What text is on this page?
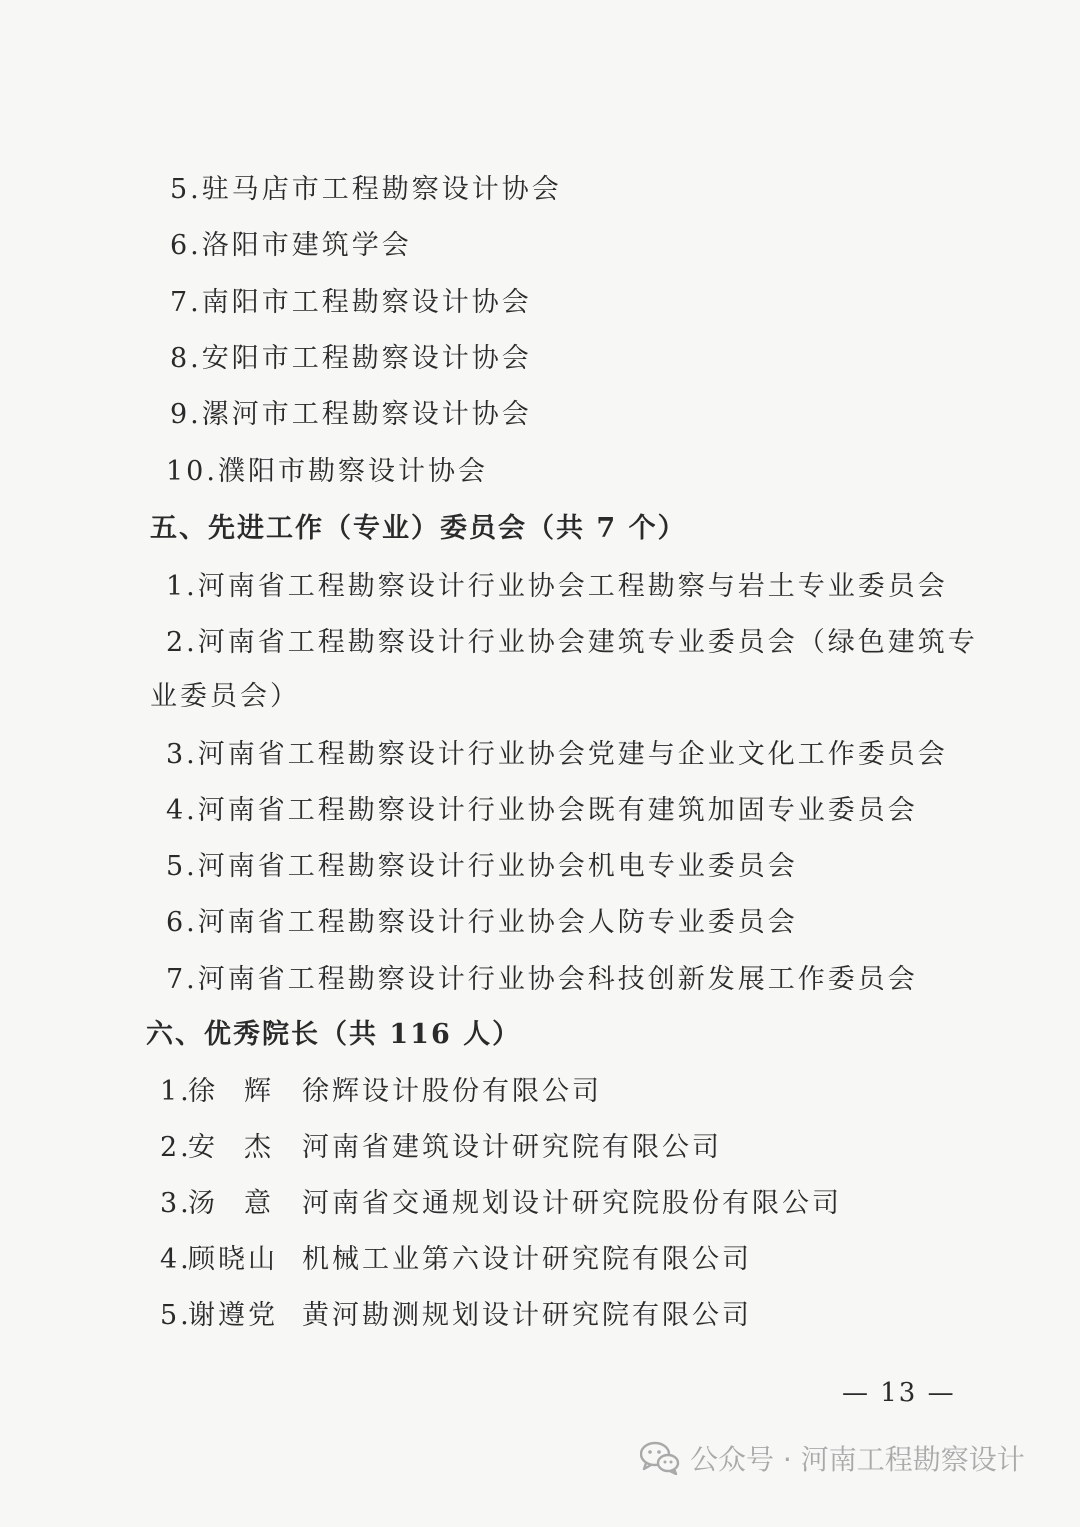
5.驻马店市工程勘察设计协会
6.洛阳市建筑学会
7.南阳市工程勘察设计协会
8.安阳市工程勘察设计协会
9.漯河市工程勘察设计协会
10.濮阳市勘察设计协会
五、先进工作（专业）委员会（共 7 个）
1.河南省工程勘察设计行业协会工程勘察与岩土专业委员会
2.河南省工程勘察设计行业协会建筑专业委员会（绿色建筑专
业委员会）
3.河南省工程勘察设计行业协会党建与企业文化工作委员会
4.河南省工程勘察设计行业协会既有建筑加固专业委员会
5.河南省工程勘察设计行业协会机电专业委员会
6.河南省工程勘察设计行业协会人防专业委员会
7.河南省工程勘察设计行业协会科技创新发展工作委员会
六、优秀院长（共 116 人）
1.
徐 辉 徐辉设计股份有限公司
2.
安 杰 河南省建筑设计研究院有限公司
3.
汤 意 河南省交通规划设计研究院股份有限公司
4.
顾晓山 机械工业第六设计研究院有限公司
5.
谢遵党 黄河勘测规划设计研究院有限公司
— 13 —
公众号 · 河南工程勘察设计
